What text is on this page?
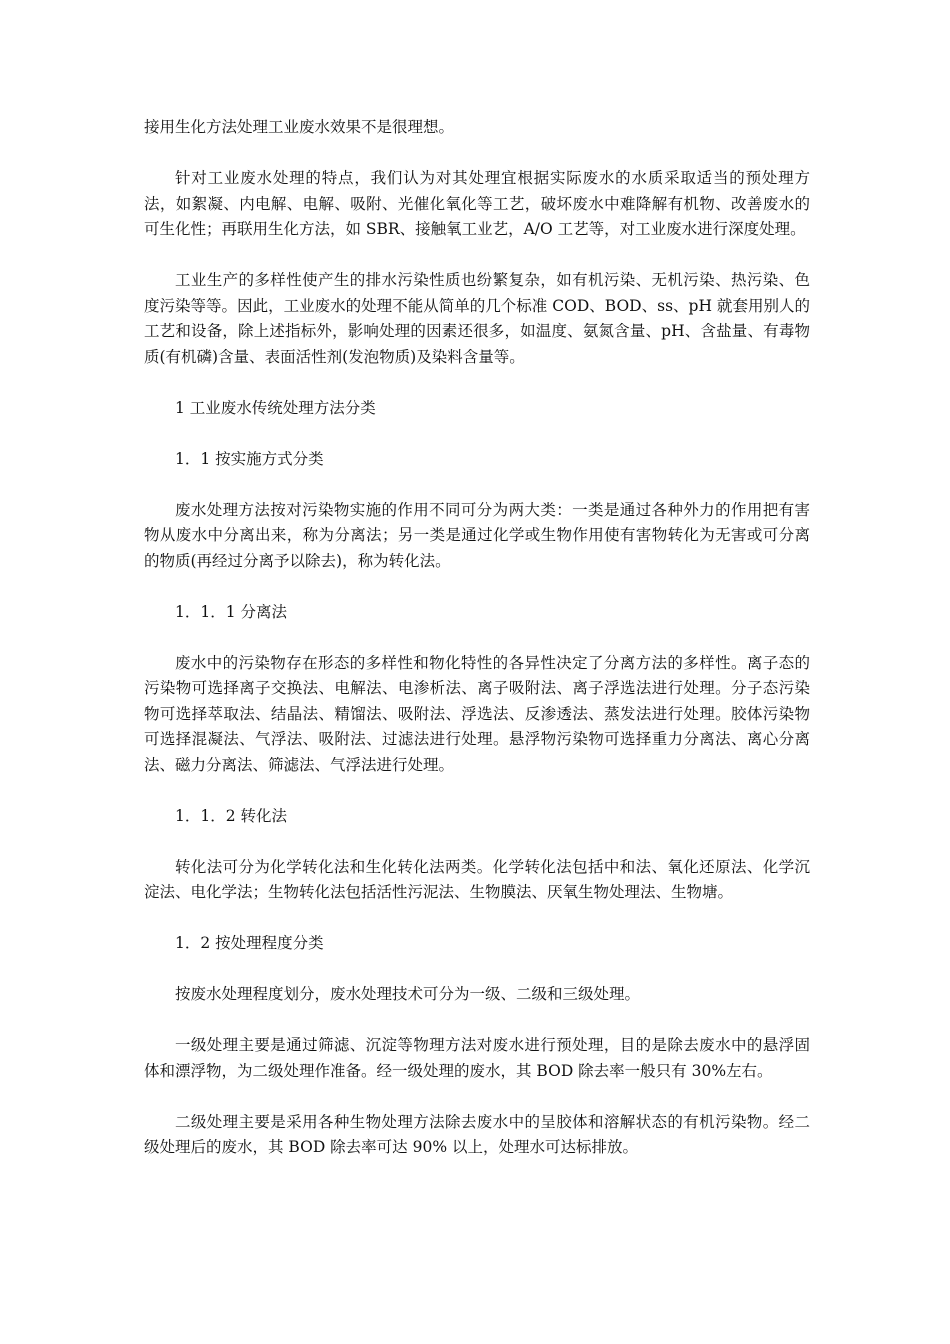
接用生化方法处理工业废水效果不是很理想。

针对工业废水处理的特点，我们认为对其处理宜根据实际废水的水质采取适当的预处理方法，如絮凝、内电解、电解、吸附、光催化氧化等工艺，破坏废水中难降解有机物、改善废水的可生化性；再联用生化方法，如 SBR、接触氧工业艺，A/O 工艺等，对工业废水进行深度处理。

工业生产的多样性使产生的排水污染性质也纷繁复杂，如有机污染、无机污染、热污染、色度污染等等。因此，工业废水的处理不能从简单的几个标准 COD、BOD、ss、pH 就套用别人的工艺和设备，除上述指标外，影响处理的因素还很多，如温度、氨氮含量、pH、含盐量、有毒物质(有机磷)含量、表面活性剂(发泡物质)及染料含量等。

1 工业废水传统处理方法分类

1．1 按实施方式分类

废水处理方法按对污染物实施的作用不同可分为两大类：一类是通过各种外力的作用把有害物从废水中分离出来，称为分离法；另一类是通过化学或生物作用使有害物转化为无害或可分离的物质(再经过分离予以除去)，称为转化法。

1．1．1 分离法

废水中的污染物存在形态的多样性和物化特性的各异性决定了分离方法的多样性。离子态的污染物可选择离子交换法、电解法、电渗析法、离子吸附法、离子浮选法进行处理。分子态污染物可选择萃取法、结晶法、精馏法、吸附法、浮选法、反渗透法、蒸发法进行处理。胶体污染物可选择混凝法、气浮法、吸附法、过滤法进行处理。悬浮物污染物可选择重力分离法、离心分离法、磁力分离法、筛滤法、气浮法进行处理。

1．1．2 转化法

转化法可分为化学转化法和生化转化法两类。化学转化法包括中和法、氧化还原法、化学沉淀法、电化学法；生物转化法包括活性污泥法、生物膜法、厌氧生物处理法、生物塘。

1．2 按处理程度分类

按废水处理程度划分，废水处理技术可分为一级、二级和三级处理。

一级处理主要是通过筛滤、沉淀等物理方法对废水进行预处理，目的是除去废水中的悬浮固体和漂浮物，为二级处理作准备。经一级处理的废水，其 BOD 除去率一般只有 30%左右。

二级处理主要是采用各种生物处理方法除去废水中的呈胶体和溶解状态的有机污染物。经二级处理后的废水，其 BOD 除去率可达 90% 以上，处理水可达标排放。
